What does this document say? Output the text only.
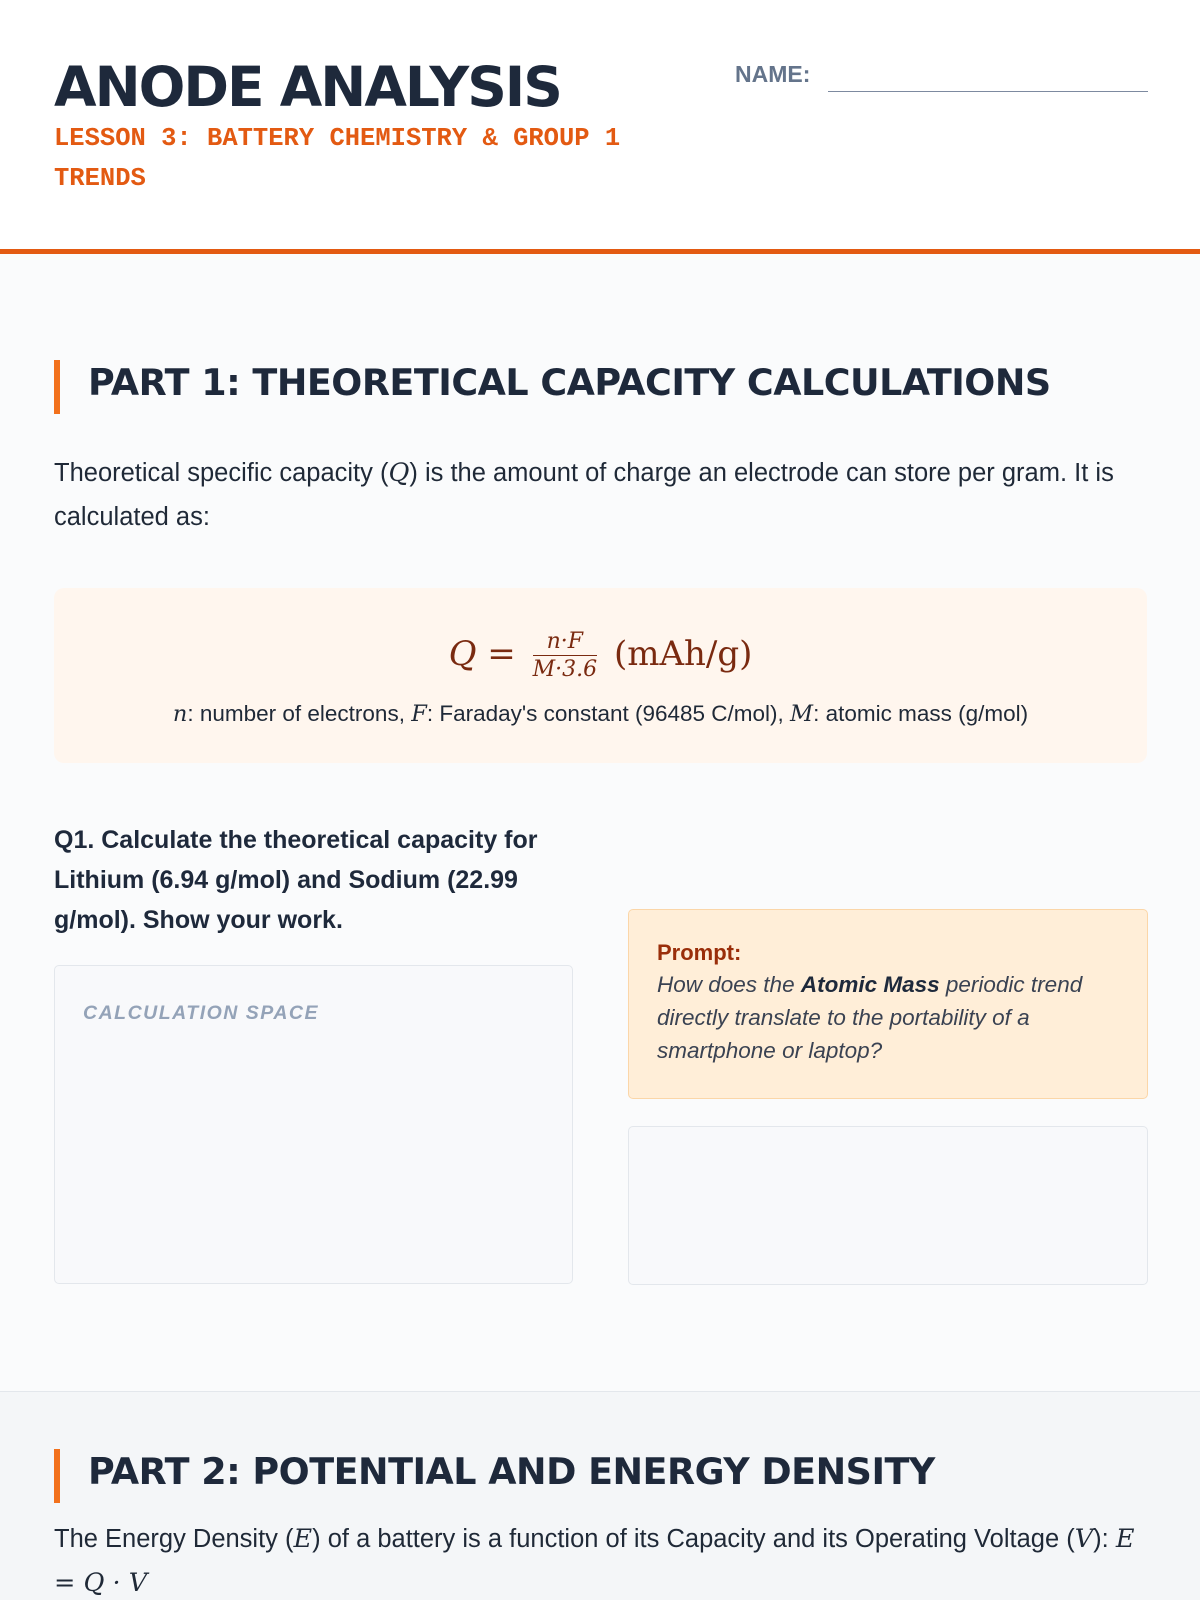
ANODE ANALYSIS
LESSON 3: BATTERY CHEMISTRY & GROUP 1 TRENDS
NAME:
PART 1: THEORETICAL CAPACITY CALCULATIONS
Theoretical specific capacity (Q) is the amount of charge an electrode can store per gram. It is calculated as:
$Q = \frac{n\cdot F}{M\cdot 3.6} (mAh/g)$
n: number of electrons, F: Faraday's constant (96485 C/mol), M: atomic mass (g/mol)
Q1. Calculate the theoretical capacity for Lithium (6.94 g/mol) and Sodium (22.99 g/mol). Show your work.
CALCULATION SPACE
Prompt:
How does the Atomic Mass periodic trend directly translate to the portability of a smartphone or laptop?
PART 2: POTENTIAL AND ENERGY DENSITY
The Energy Density (E) of a battery is a function of its Capacity and its Operating Voltage (V): E = Q · V
